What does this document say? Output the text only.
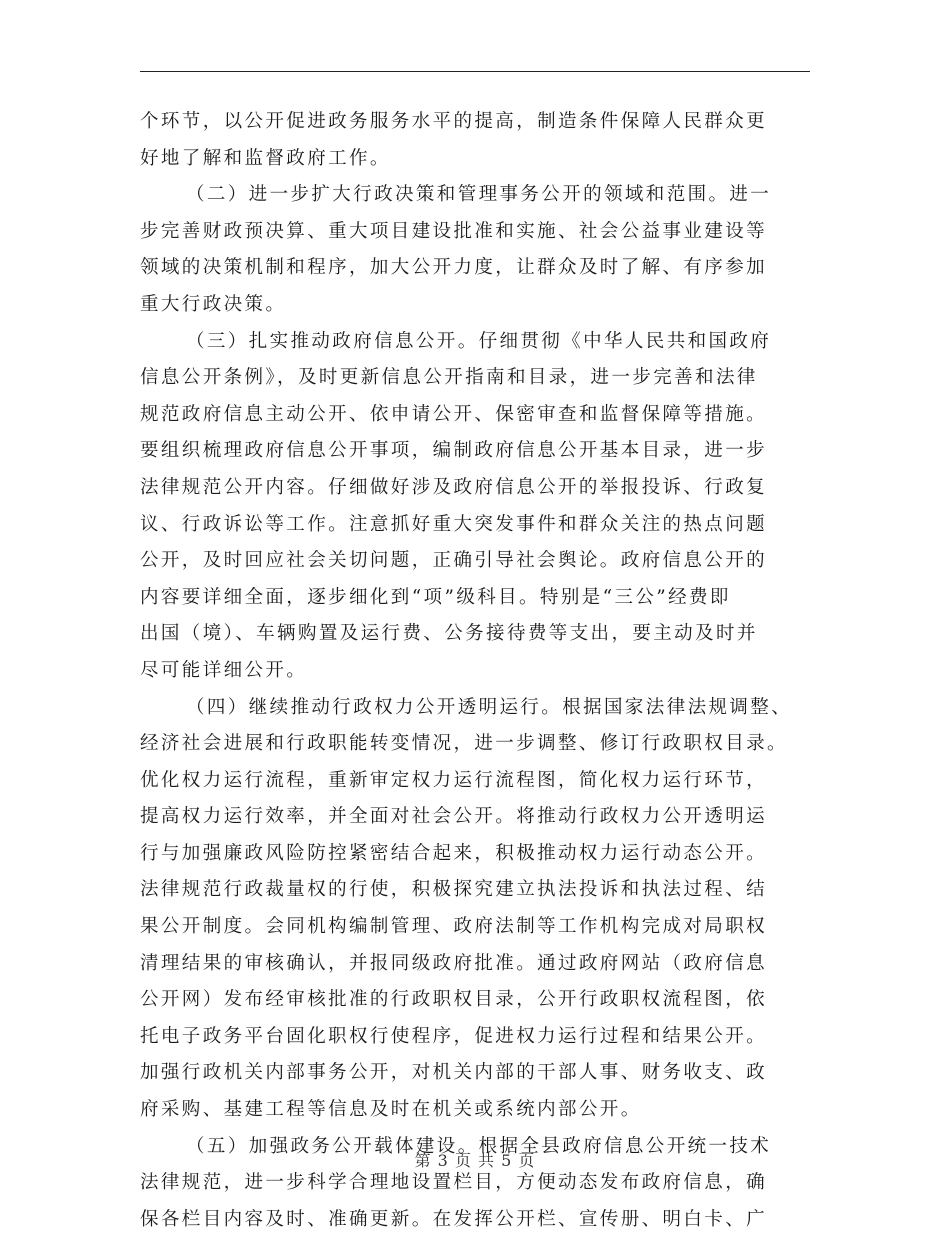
个环节，以公开促进政务服务水平的提高，制造条件保障人民群众更
好地了解和监督政府工作。
（二）进一步扩大行政决策和管理事务公开的领域和范围。进一
步完善财政预决算、重大项目建设批准和实施、社会公益事业建设等
领域的决策机制和程序，加大公开力度，让群众及时了解、有序参加
重大行政决策。
（三）扎实推动政府信息公开。仔细贯彻《中华人民共和国政府
信息公开条例》，及时更新信息公开指南和目录，进一步完善和法律
规范政府信息主动公开、依申请公开、保密审查和监督保障等措施。
要组织梳理政府信息公开事项，编制政府信息公开基本目录，进一步
法律规范公开内容。仔细做好涉及政府信息公开的举报投诉、行政复
议、行政诉讼等工作。注意抓好重大突发事件和群众关注的热点问题
公开，及时回应社会关切问题，正确引导社会舆论。政府信息公开的
内容要详细全面，逐步细化到“项”级科目。特别是“三公”经费即
出国（境）、车辆购置及运行费、公务接待费等支出，要主动及时并
尽可能详细公开。
（四）继续推动行政权力公开透明运行。根据国家法律法规调整、
经济社会进展和行政职能转变情况，进一步调整、修订行政职权目录。
优化权力运行流程，重新审定权力运行流程图，简化权力运行环节，
提高权力运行效率，并全面对社会公开。将推动行政权力公开透明运
行与加强廉政风险防控紧密结合起来，积极推动权力运行动态公开。
法律规范行政裁量权的行使，积极探究建立执法投诉和执法过程、结
果公开制度。会同机构编制管理、政府法制等工作机构完成对局职权
清理结果的审核确认，并报同级政府批准。通过政府网站（政府信息
公开网）发布经审核批准的行政职权目录，公开行政职权流程图，依
托电子政务平台固化职权行使程序，促进权力运行过程和结果公开。
加强行政机关内部事务公开，对机关内部的干部人事、财务收支、政
府采购、基建工程等信息及时在机关或系统内部公开。
（五）加强政务公开载体建设。根据全县政府信息公开统一技术
法律规范，进一步科学合理地设置栏目，方便动态发布政府信息，确
保各栏目内容及时、准确更新。在发挥公开栏、宣传册、明白卡、广
第 3 页 共 5 页
